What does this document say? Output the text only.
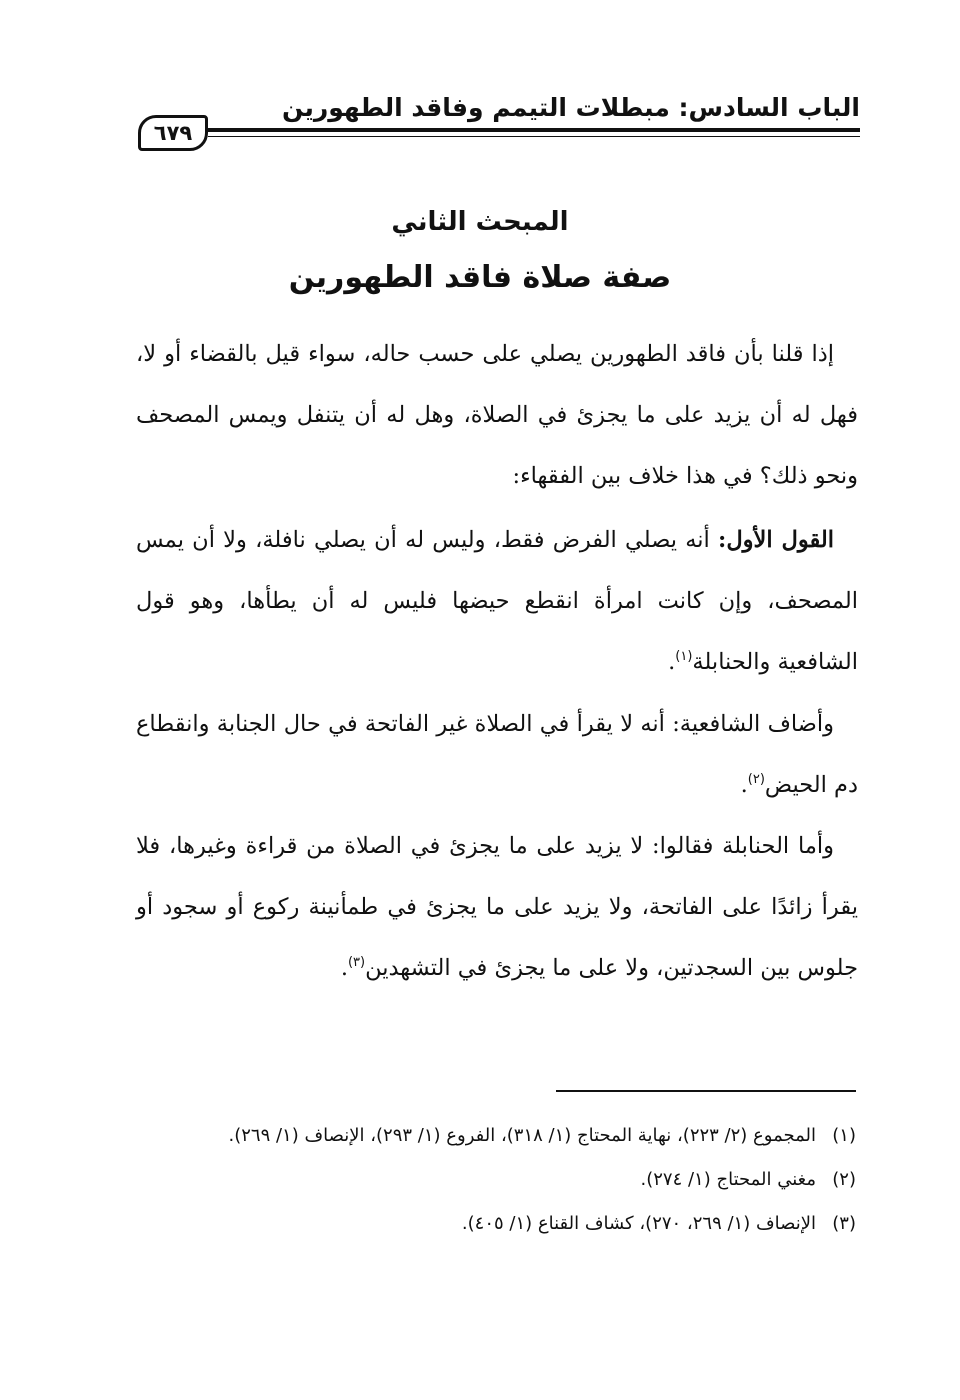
الباب السادس: مبطلات التيمم وفاقد الطهورين
٦٧٩
المبحث الثاني
صفة صلاة فاقد الطهورين

إذا قلنا بأن فاقد الطهورين يصلي على حسب حاله، سواء قيل بالقضاء أو لا، فهل له أن يزيد على ما يجزئ في الصلاة، وهل له أن يتنفل ويمس المصحف ونحو ذلك؟ في هذا خلاف بين الفقهاء:

القول الأول: أنه يصلي الفرض فقط، وليس له أن يصلي نافلة، ولا أن يمس المصحف، وإن كانت امرأة انقطع حيضها فليس له أن يطأها، وهو قول الشافعية والحنابلة$^{(١)}$.

وأضاف الشافعية: أنه لا يقرأ في الصلاة غير الفاتحة في حال الجنابة وانقطاع دم الحيض$^{(٢)}$.

وأما الحنابلة فقالوا: لا يزيد على ما يجزئ في الصلاة من قراءة وغيرها، فلا يقرأ زائدًا على الفاتحة، ولا يزيد على ما يجزئ في طمأنينة ركوع أو سجود أو جلوس بين السجدتين، ولا على ما يجزئ في التشهدين$^{(٣)}$.

(١)
المجموع (٢/ ٢٢٣)، نهاية المحتاج (١/ ٣١٨)، الفروع (١/ ٢٩٣)، الإنصاف (١/ ٢٦٩).
(٢)
مغني المحتاج (١/ ٢٧٤).
(٣)
الإنصاف (١/ ٢٦٩، ٢٧٠)، كشاف القناع (١/ ٤٠٥).
